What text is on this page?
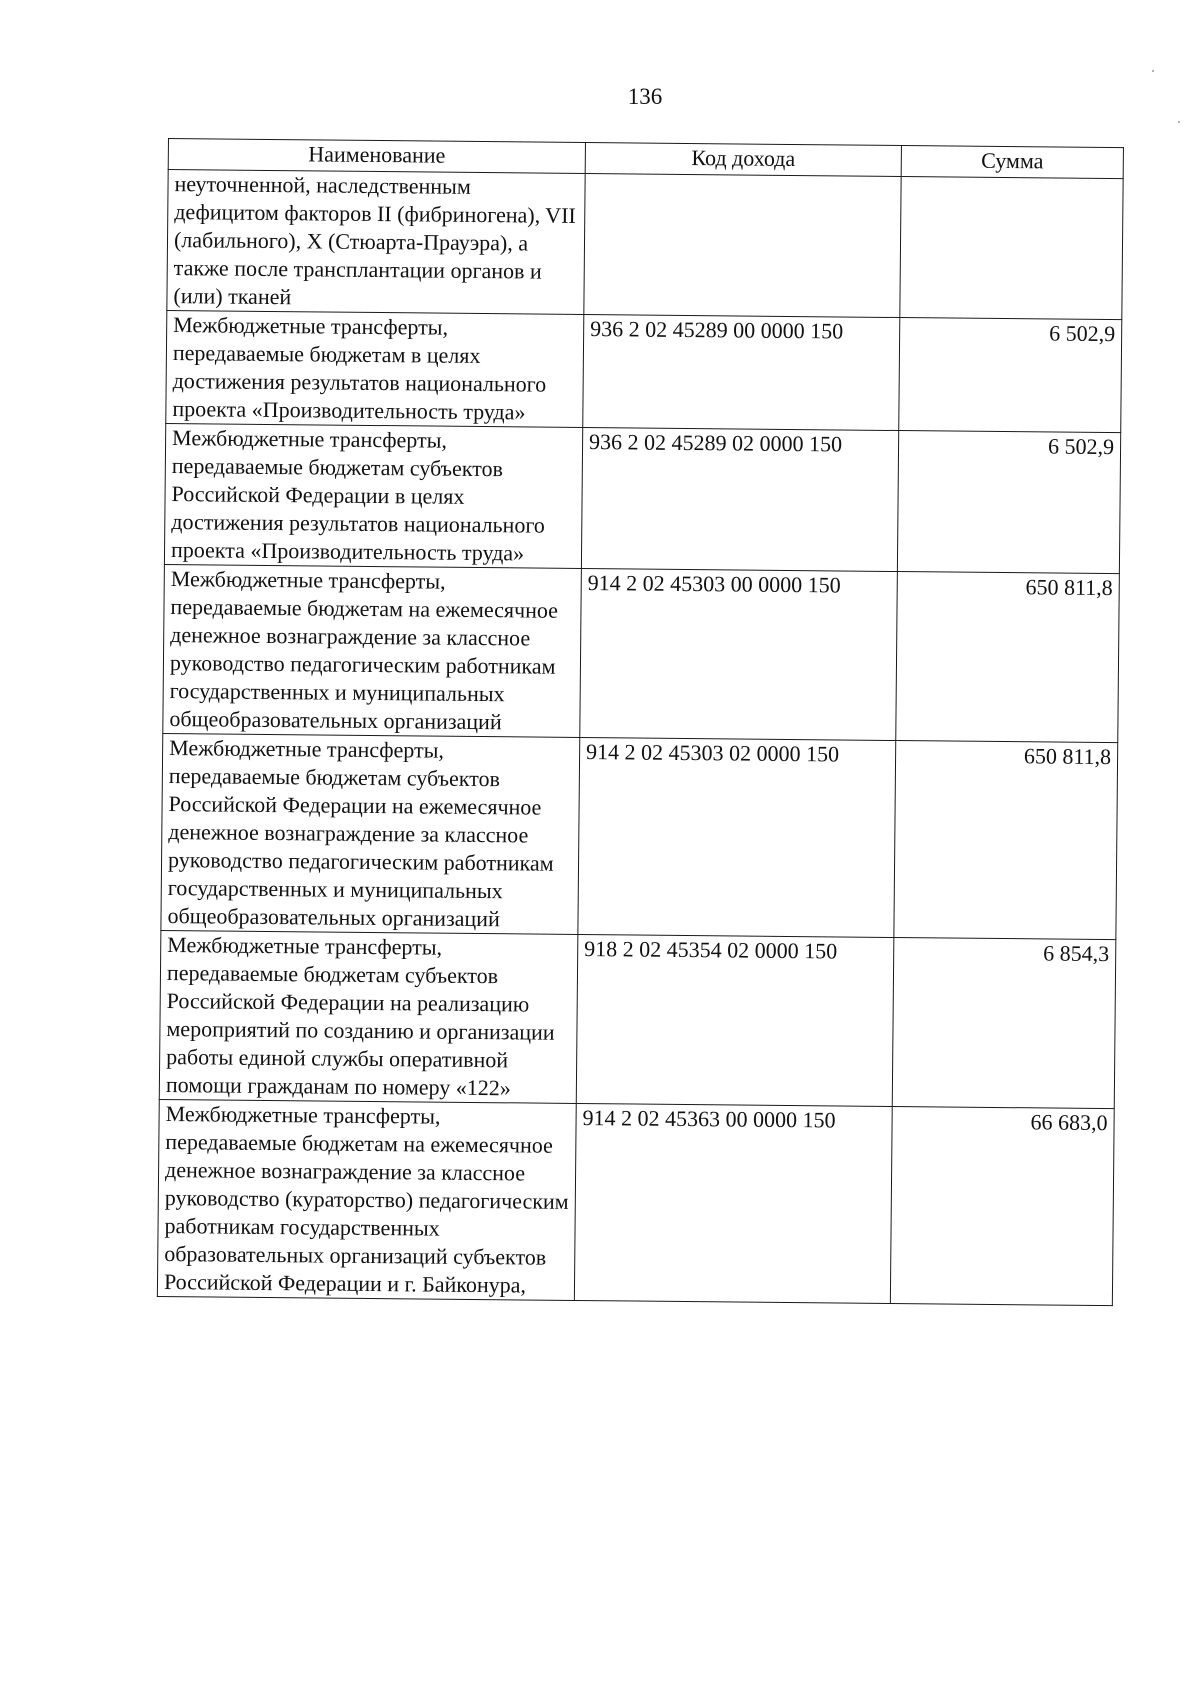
136
Наименование	Код дохода	Сумма
неуточненной, наследственным дефицитом факторов II (фибриногена), VII (лабильного), X (Стюарта-Прауэра), а также после трансплантации органов и (или) тканей		
Межбюджетные трансферты, передаваемые бюджетам в целях достижения результатов национального проекта «Производительность труда»	936 2 02 45289 00 0000 150	6 502,9
Межбюджетные трансферты, передаваемые бюджетам субъектов Российской Федерации в целях достижения результатов национального проекта «Производительность труда»	936 2 02 45289 02 0000 150	6 502,9
Межбюджетные трансферты, передаваемые бюджетам на ежемесячное денежное вознаграждение за классное руководство педагогическим работникам государственных и муниципальных общеобразовательных организаций	914 2 02 45303 00 0000 150	650 811,8
Межбюджетные трансферты, передаваемые бюджетам субъектов Российской Федерации на ежемесячное денежное вознаграждение за классное руководство педагогическим работникам государственных и муниципальных общеобразовательных организаций	914 2 02 45303 02 0000 150	650 811,8
Межбюджетные трансферты, передаваемые бюджетам субъектов Российской Федерации на реализацию мероприятий по созданию и организации работы единой службы оперативной помощи гражданам по номеру «122»	918 2 02 45354 02 0000 150	6 854,3
Межбюджетные трансферты, передаваемые бюджетам на ежемесячное денежное вознаграждение за классное руководство (кураторство) педагогическим работникам государственных образовательных организаций субъектов Российской Федерации и г. Байконура,	914 2 02 45363 00 0000 150	66 683,0
